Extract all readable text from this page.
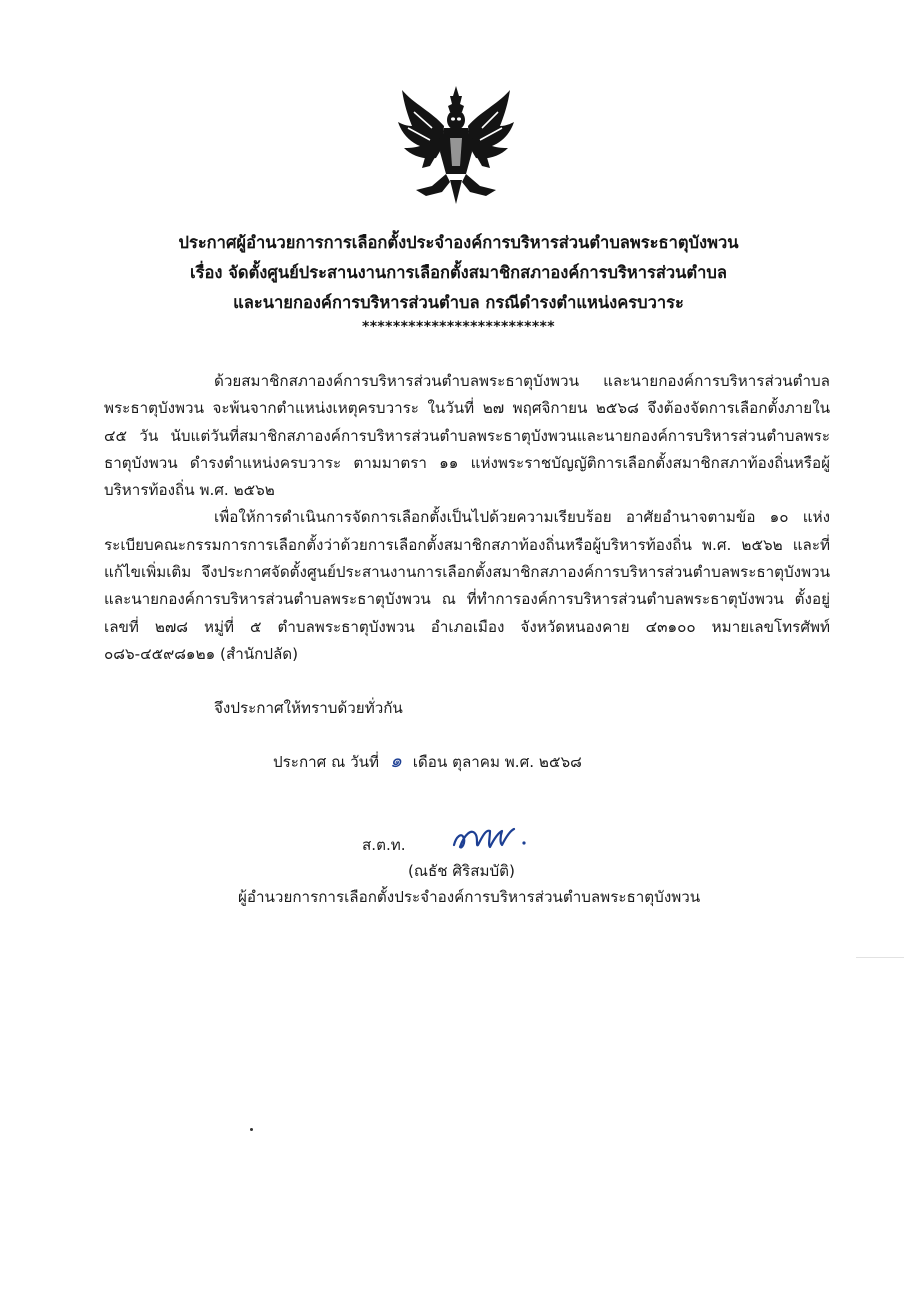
ประกาศผู้อำนวยการการเลือกตั้งประจำองค์การบริหารส่วนตำบลพระธาตุบังพวน
เรื่อง จัดตั้งศูนย์ประสานงานการเลือกตั้งสมาชิกสภาองค์การบริหารส่วนตำบล
และนายกองค์การบริหารส่วนตำบล กรณีดำรงตำแหน่งครบวาระ
*************************

ด้วยสมาชิกสภาองค์การบริหารส่วนตำบลพระธาตุบังพวน และนายกองค์การบริหารส่วนตำบลพระธาตุบังพวน จะพ้นจากตำแหน่งเหตุครบวาระ ในวันที่ ๒๗ พฤศจิกายน ๒๕๖๘ จึงต้องจัดการเลือกตั้งภายใน ๔๕ วัน นับแต่วันที่สมาชิกสภาองค์การบริหารส่วนตำบลพระธาตุบังพวนและนายกองค์การบริหารส่วนตำบลพระธาตุบังพวน ดำรงตำแหน่งครบวาระ ตามมาตรา ๑๑ แห่งพระราชบัญญัติการเลือกตั้งสมาชิกสภาท้องถิ่นหรือผู้บริหารท้องถิ่น พ.ศ. ๒๕๖๒

เพื่อให้การดำเนินการจัดการเลือกตั้งเป็นไปด้วยความเรียบร้อย อาศัยอำนาจตามข้อ ๑๐ แห่งระเบียบคณะกรรมการการเลือกตั้งว่าด้วยการเลือกตั้งสมาชิกสภาท้องถิ่นหรือผู้บริหารท้องถิ่น พ.ศ. ๒๕๖๒ และที่แก้ไขเพิ่มเติม จึงประกาศจัดตั้งศูนย์ประสานงานการเลือกตั้งสมาชิกสภาองค์การบริหารส่วนตำบลพระธาตุบังพวนและนายกองค์การบริหารส่วนตำบลพระธาตุบังพวน ณ ที่ทำการองค์การบริหารส่วนตำบลพระธาตุบังพวน ตั้งอยู่เลขที่ ๒๗๘ หมู่ที่ ๕ ตำบลพระธาตุบังพวน อำเภอเมือง จังหวัดหนองคาย ๔๓๑๐๐ หมายเลขโทรศัพท์ ๐๘๖-๔๕๙๘๑๒๑ (สำนักปลัด)

จึงประกาศให้ทราบด้วยทั่วกัน
ประกาศ ณ วันที่ ๑ เดือน ตุลาคม พ.ศ. ๒๕๖๘
ส.ต.ท.
(ณธัช ศิริสมบัติ)
ผู้อำนวยการการเลือกตั้งประจำองค์การบริหารส่วนตำบลพระธาตุบังพวน
